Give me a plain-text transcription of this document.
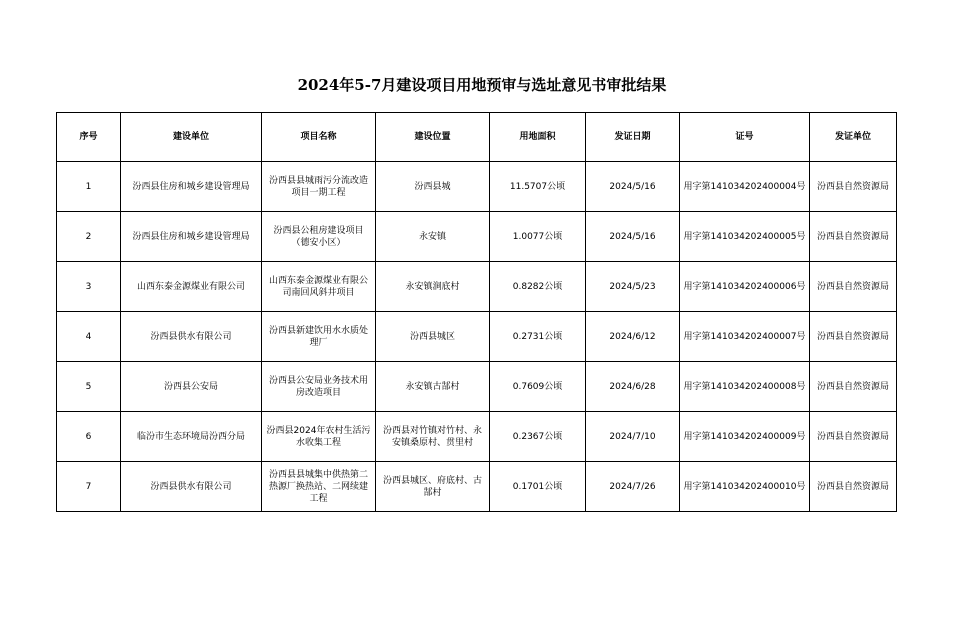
2024年5-7月建设项目用地预审与选址意见书审批结果
序号	建设单位	项目名称	建设位置	用地面积	发证日期	证号	发证单位
1	汾西县住房和城乡建设管理局	汾西县县城雨污分流改造项目一期工程	汾西县城	11.5707公顷	2024/5/16	用字第141034202400004号	汾西县自然资源局
2	汾西县住房和城乡建设管理局	汾西县公租房建设项目（德安小区）	永安镇	1.0077公顷	2024/5/16	用字第141034202400005号	汾西县自然资源局
3	山西东泰金源煤业有限公司	山西东泰金源煤业有限公司南回风斜井项目	永安镇涧底村	0.8282公顷	2024/5/23	用字第141034202400006号	汾西县自然资源局
4	汾西县供水有限公司	汾西县新建饮用水水质处理厂	汾西县城区	0.2731公顷	2024/6/12	用字第141034202400007号	汾西县自然资源局
5	汾西县公安局	汾西县公安局业务技术用房改造项目	永安镇古郜村	0.7609公顷	2024/6/28	用字第141034202400008号	汾西县自然资源局
6	临汾市生态环境局汾西分局	汾西县2024年农村生活污水收集工程	汾西县对竹镇对竹村、永安镇桑原村、贯里村	0.2367公顷	2024/7/10	用字第141034202400009号	汾西县自然资源局
7	汾西县供水有限公司	汾西县县城集中供热第二热源厂换热站、二网续建工程	汾西县城区、府底村、古郜村	0.1701公顷	2024/7/26	用字第141034202400010号	汾西县自然资源局
